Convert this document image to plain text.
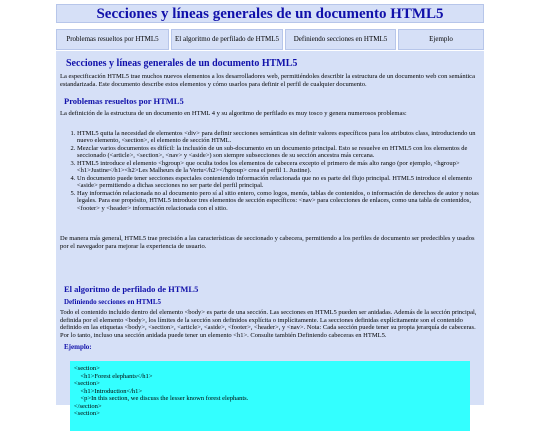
Secciones y líneas generales de un documento HTML5
Problemas resueltos por HTML5	El algoritmo de perfilado de HTML5	Definiendo secciones en HTML5	Ejemplo
Secciones y líneas generales de un documento HTML5

La especificación HTML5 trae muchos nuevos elementos a los desarrolladores web, permitiéndoles describir la estructura de un documento web con semántica estandarizada. Este documento describe estos elementos y cómo usarlos para definir el perfil de cualquier documento.

Problemas resueltos por HTML5

La definición de la estructura de un documento en HTML 4 y su algoritmo de perfilado es muy tosco y genera numerosos problemas:

1. HTML5 quita la necesidad de elementos <div> para definir secciones semánticas sin definir valores específicos para los atributos class, introduciendo un nuevo elemento, <section>, el elemento de sección HTML.
2. Mezclar varios documentos es difícil: la inclusión de un sub-documento en un documento principal. Esto se resuelve en HTML5 con los elementos de seccionado (<article>, <section>, <nav> y <aside>) son siempre subsecciones de su sección ancestra más cercana.
3. HTML5 introduce el elemento <hgroup> que oculta todos los elementos de cabecera excepto el primero de más alto rango (por ejemplo, <hgroup><h1>Justine</h1><h2>Les Malheurs de la Vertu</h2></hgroup> crea el perfil 1. Justine).
4. Un documento puede tener secciones especiales conteniendo información relacionada que no es parte del flujo principal. HTML5 introduce el elemento <aside> permitiendo a dichas secciones no ser parte del perfil principal.
5. Hay información relacionada no al documento pero sí al sitio entero, como logos, menús, tablas de contenidos, o información de derechos de autor y notas legales. Para ese propósito, HTML5 introduce tres elementos de sección específicos: <nav> para colecciones de enlaces, como una tabla de contenidos, <footer> y <header> información relacionada con el sitio.

De manera más general, HTML5 trae precisión a las características de seccionado y cabecera, permitiendo a los perfiles de documento ser predecibles y usados por el navegador para mejorar la experiencia de usuario.

El algoritmo de perfilado de HTML5
Definiendo secciones en HTML5

Todo el contenido incluido dentro del elemento <body> es parte de una sección. Las secciones en HTML5 pueden ser anidadas. Además de la sección principal, definida por el elemento <body>, los límites de la sección son definidos explícita o implícitamente. La secciones definidas explícitamente son el contenido definido en las etiquetas <body>, <section>, <article>, <aside>, <footer>, <header>, y <nav>. Nota: Cada sección puede tener su propia jerarquía de cabeceras. Por lo tanto, incluso una sección anidada puede tener un elemento <h1>. Consulte también Definiendo cabeceras en HTML5.

Ejemplo:
<section>
<h1>Forest elephants</h1>
<section>
<h1>Introduction</h1>
<p>In this section, we discuss the lesser known forest elephants.
</section>
<section>
